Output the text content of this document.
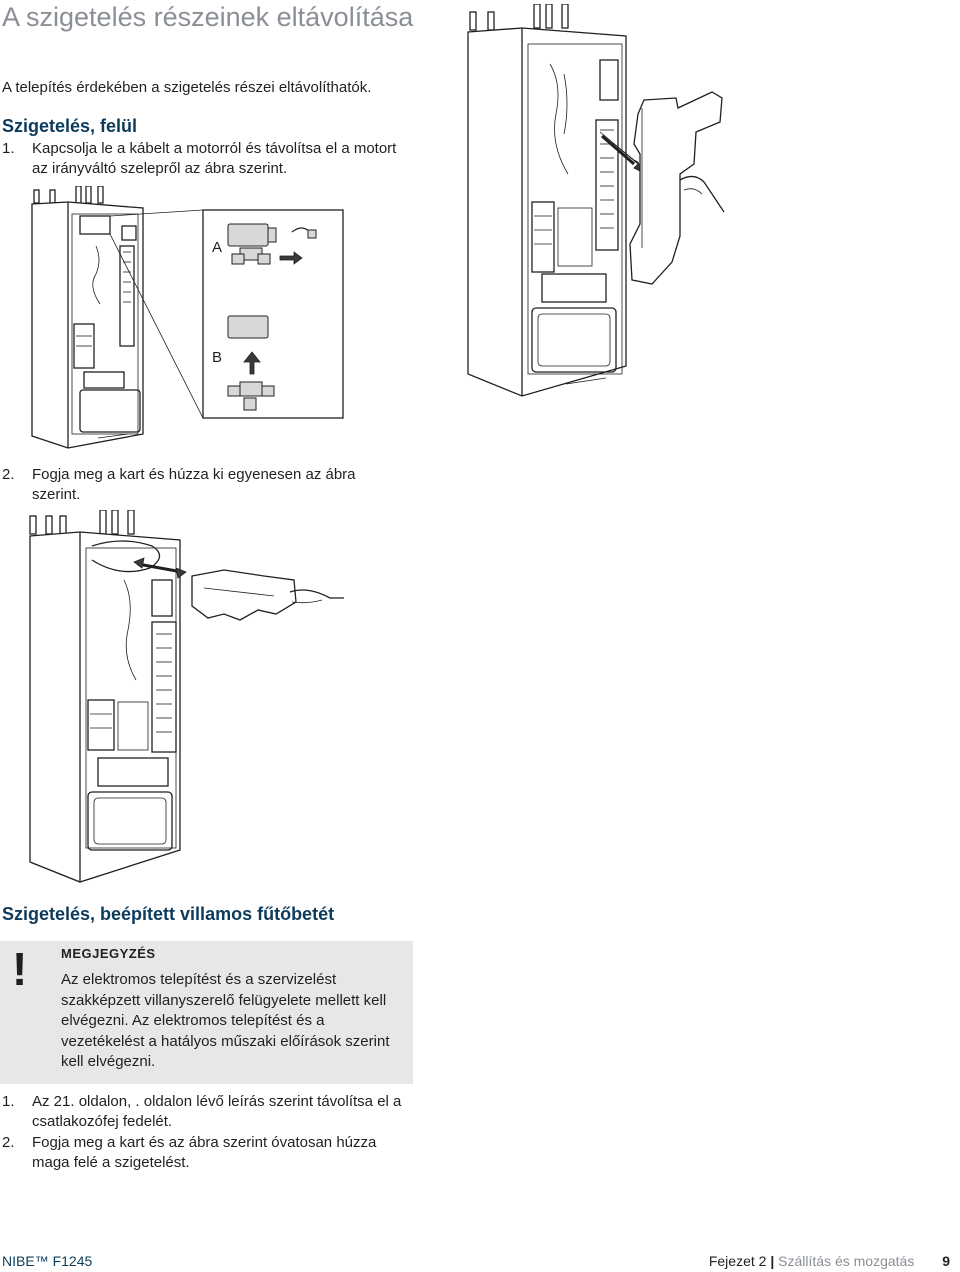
A szigetelés részeinek eltávolítása
A telepítés érdekében a szigetelés részei eltávolíthatók.
Szigetelés, felül
1. Kapcsolja le a kábelt a motorról és távolítsa el a motort az irányváltó szelepről az ábra szerint.
A
B
2. Fogja meg a kart és húzza ki egyenesen az ábra szerint.
Szigetelés, beépített villamos fűtőbetét
!	MEGJEGYZÉS
Az elektromos telepítést és a szervizelést szakképzett villanyszerelő felügyelete mellett kell elvégezni. Az elektromos telepítést és a vezetékelést a hatályos műszaki előírások szerint kell elvégezni.
1. Az 21. oldalon, . oldalon lévő leírás szerint távolítsa el a csatlakozófej fedelét.
2. Fogja meg a kart és az ábra szerint óvatosan húzza maga felé a szigetelést.
NIBE™ F1245	Fejezet 2 | Szállítás és mozgatás 9
